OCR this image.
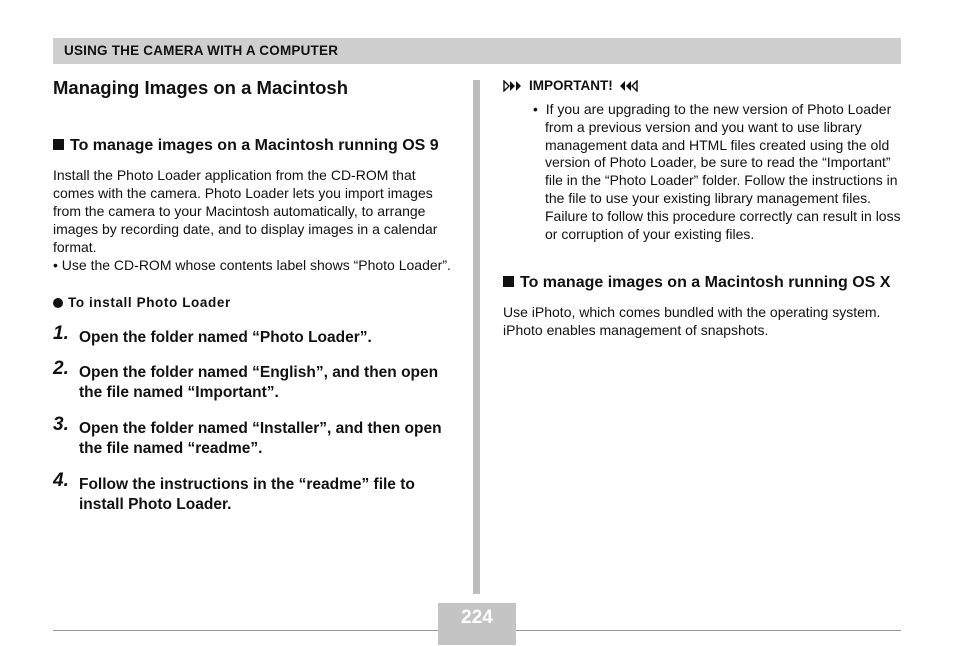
USING THE CAMERA WITH A COMPUTER
Managing Images on a Macintosh

To manage images on a Macintosh running OS 9

Install the Photo Loader application from the CD-ROM that comes with the camera. Photo Loader lets you import images from the camera to your Macintosh automatically, to arrange images by recording date, and to display images in a calendar format.

• Use the CD-ROM whose contents label shows “Photo Loader”.

To install Photo Loader
1. Open the folder named “Photo Loader”.
2. Open the folder named “English”, and then open the file named “Important”.
3. Open the folder named “Installer”, and then open the file named “readme”.
4. Follow the instructions in the “readme” file to install Photo Loader.
IMPORTANT!

•  If you are upgrading to the new version of Photo Loader from a previous version and you want to use library management data and HTML files created using the old version of Photo Loader, be sure to read the “Important” file in the “Photo Loader” folder. Follow the instructions in the file to use your existing library management files. Failure to follow this procedure correctly can result in loss or corruption of your existing files.

To manage images on a Macintosh running OS X

Use iPhoto, which comes bundled with the operating system. iPhoto enables management of snapshots.

224
